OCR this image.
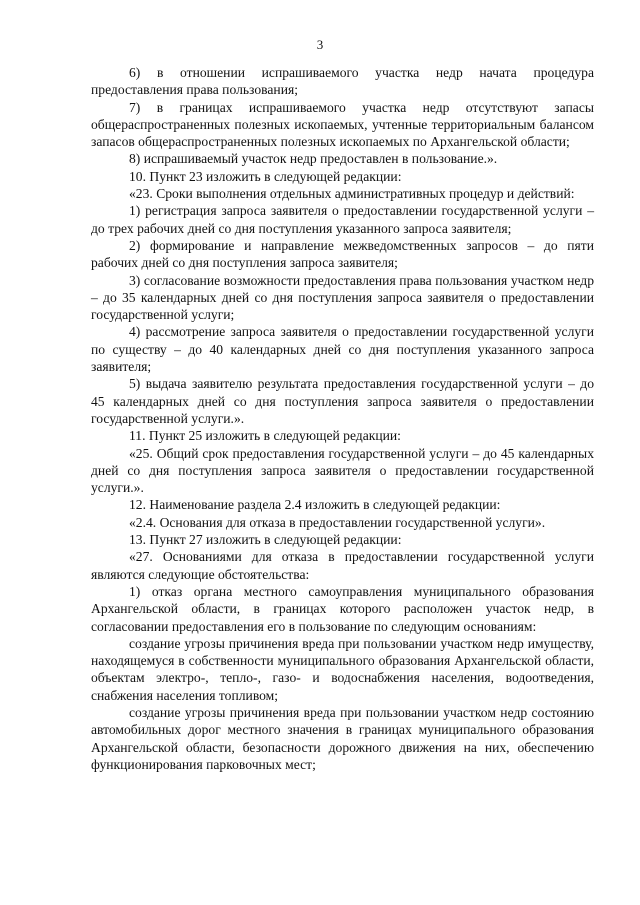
3

6) в отношении испрашиваемого участка недр начата процедура предоставления права пользования;

7) в границах испрашиваемого участка недр отсутствуют запасы общераспространенных полезных ископаемых, учтенные территориальным балансом запасов общераспространенных полезных ископаемых по Архангельской области;

8) испрашиваемый участок недр предоставлен в пользование.».

10. Пункт 23 изложить в следующей редакции:

«23. Сроки выполнения отдельных административных процедур и действий:

1) регистрация запроса заявителя о предоставлении государственной услуги – до трех рабочих дней со дня поступления указанного запроса заявителя;

2) формирование и направление межведомственных запросов – до пяти рабочих дней со дня поступления запроса заявителя;

3) согласование возможности предоставления права пользования участком недр – до 35 календарных дней со дня поступления запроса заявителя о предоставлении государственной услуги;

4) рассмотрение запроса заявителя о предоставлении государственной услуги по существу – до 40 календарных дней со дня поступления указанного запроса заявителя;

5) выдача заявителю результата предоставления государственной услуги – до 45 календарных дней со дня поступления запроса заявителя о предоставлении государственной услуги.».

11. Пункт 25 изложить в следующей редакции:

«25. Общий срок предоставления государственной услуги – до 45 календарных дней со дня поступления запроса заявителя о предоставлении государственной услуги.».

12. Наименование раздела 2.4 изложить в следующей редакции:

«2.4. Основания для отказа в предоставлении государственной услуги».

13. Пункт 27 изложить в следующей редакции:

«27. Основаниями для отказа в предоставлении государственной услуги являются следующие обстоятельства:

1) отказ органа местного самоуправления муниципального образования Архангельской области, в границах которого расположен участок недр, в согласовании предоставления его в пользование по следующим основаниям:

создание угрозы причинения вреда при пользовании участком недр имуществу, находящемуся в собственности муниципального образования Архангельской области, объектам электро-, тепло-, газо- и водоснабжения населения, водоотведения, снабжения населения топливом;

создание угрозы причинения вреда при пользовании участком недр состоянию автомобильных дорог местного значения в границах муниципального образования Архангельской области, безопасности дорожного движения на них, обеспечению функционирования парковочных мест;
